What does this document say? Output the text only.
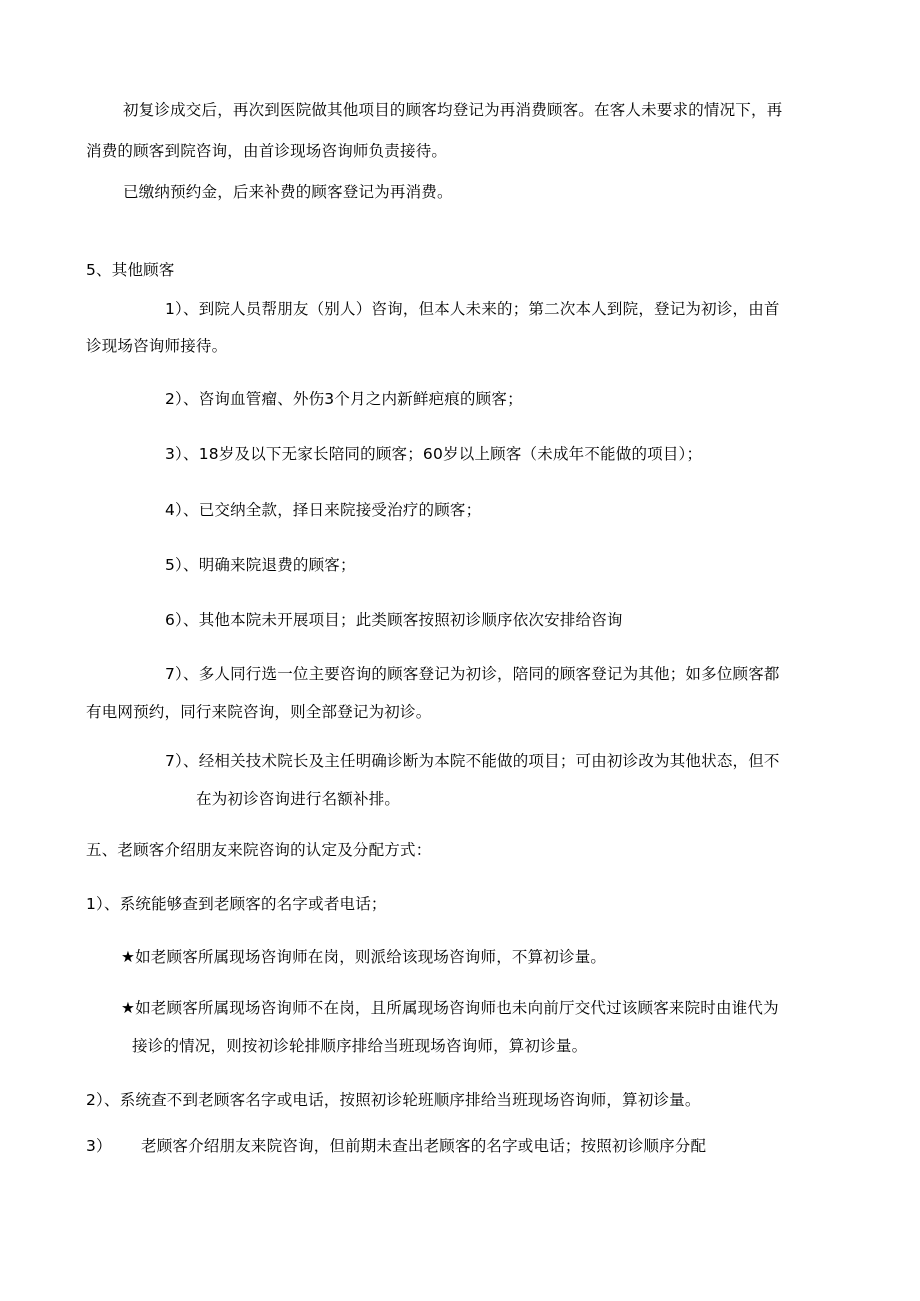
初复诊成交后，再次到医院做其他项目的顾客均登记为再消费顾客。在客人未要求的情况下，再
消费的顾客到院咨询，由首诊现场咨询师负责接待。
已缴纳预约金，后来补费的顾客登记为再消费。
5、其他顾客
1）、到院人员帮朋友（别人）咨询，但本人未来的；第二次本人到院，登记为初诊，由首
诊现场咨询师接待。
2）、咨询血管瘤、外伤3个月之内新鲜疤痕的顾客；
3）、18岁及以下无家长陪同的顾客；60岁以上顾客（未成年不能做的项目）；
4）、已交纳全款，择日来院接受治疗的顾客；
5）、明确来院退费的顾客；
6）、其他本院未开展项目；此类顾客按照初诊顺序依次安排给咨询
7）、多人同行选一位主要咨询的顾客登记为初诊，陪同的顾客登记为其他；如多位顾客都
有电网预约，同行来院咨询，则全部登记为初诊。
7）、经相关技术院长及主任明确诊断为本院不能做的项目；可由初诊改为其他状态，但不
在为初诊咨询进行名额补排。
五、老顾客介绍朋友来院咨询的认定及分配方式：
1）、系统能够查到老顾客的名字或者电话；
★如老顾客所属现场咨询师在岗，则派给该现场咨询师，不算初诊量。
★如老顾客所属现场咨询师不在岗，且所属现场咨询师也未向前厅交代过该顾客来院时由谁代为
接诊的情况，则按初诊轮排顺序排给当班现场咨询师，算初诊量。
2）、系统查不到老顾客名字或电话，按照初诊轮班顺序排给当班现场咨询师，算初诊量。
3） 老顾客介绍朋友来院咨询，但前期未查出老顾客的名字或电话；按照初诊顺序分配
